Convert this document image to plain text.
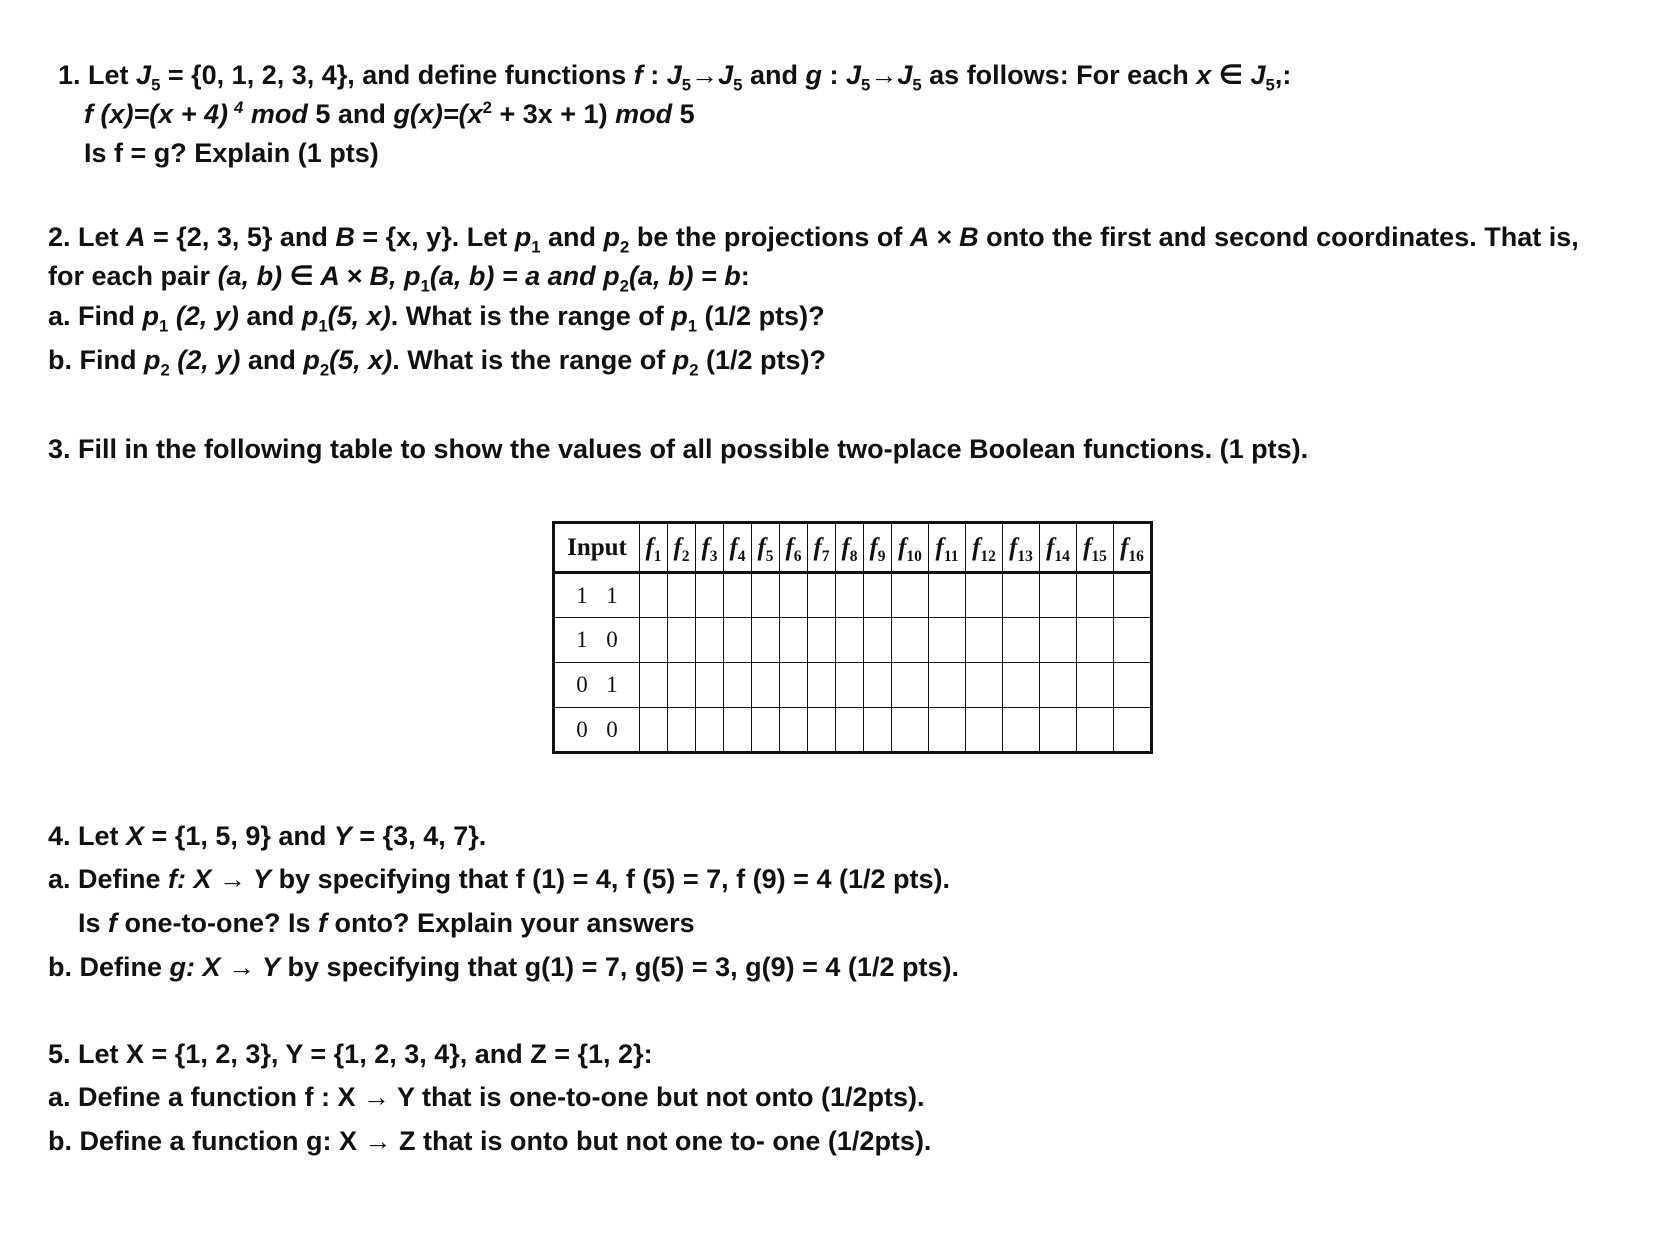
1. Let $J_5 = \{0$, 1, 2, 3, 4}, and define functions f : $J_5\to J_5$ and g : $J_5\to J_5$ as follows: For each x ∈ $J_5$,:
f (x)=(x + 4) $^4$ mod 5 and $g(x)=(x^2 + 3x + 1)$ mod 5
Is f = g? Explain (1 pts)
2. Let A = {2, 3, 5} and B = {x, y}. Let $p_1$ and $p_2$ be the projections of A × B onto the first and second coordinates. That is,
for each pair (a, b) ∈ A × B, $p_1(a$, b) = a and $p_2(a$, b) = b:
a. Find $p_1$ (2, y) and $p_1(5$, x). What is the range of $p_1$ (1/2 pts)?
b. Find $p_2$ (2, y) and $p_2(5$, x). What is the range of $p_2$ (1/2 pts)?
3. Fill in the following table to show the values of all possible two-place Boolean functions. (1 pts).
Input	$f_1$	$f_2$	$f_3$	$f_4$	$f_5$	$f_6$	$f_7$	$f_8$	$f_9$	$f_{10}$	$f_{11}$	$f_{12}$	$f_{13}$	$f_{14}$	$f_{15}$	$f_{16}$
1 1																
1 0																
0 1																
0 0																
4. Let X = {1, 5, 9} and Y = {3, 4, 7}.
a. Define f: X → Y by specifying that f (1) = 4, f (5) = 7, f (9) = 4 (1/2 pts).
Is f one-to-one? Is f onto? Explain your answers
b. Define g: X → Y by specifying that g(1) = 7, g(5) = 3, g(9) = 4 (1/2 pts).
5. Let X = {1, 2, 3}, Y = {1, 2, 3, 4}, and Z = {1, 2}:
a. Define a function f : X → Y that is one-to-one but not onto (1/2pts).
b. Define a function g: X → Z that is onto but not one to- one (1/2pts).
